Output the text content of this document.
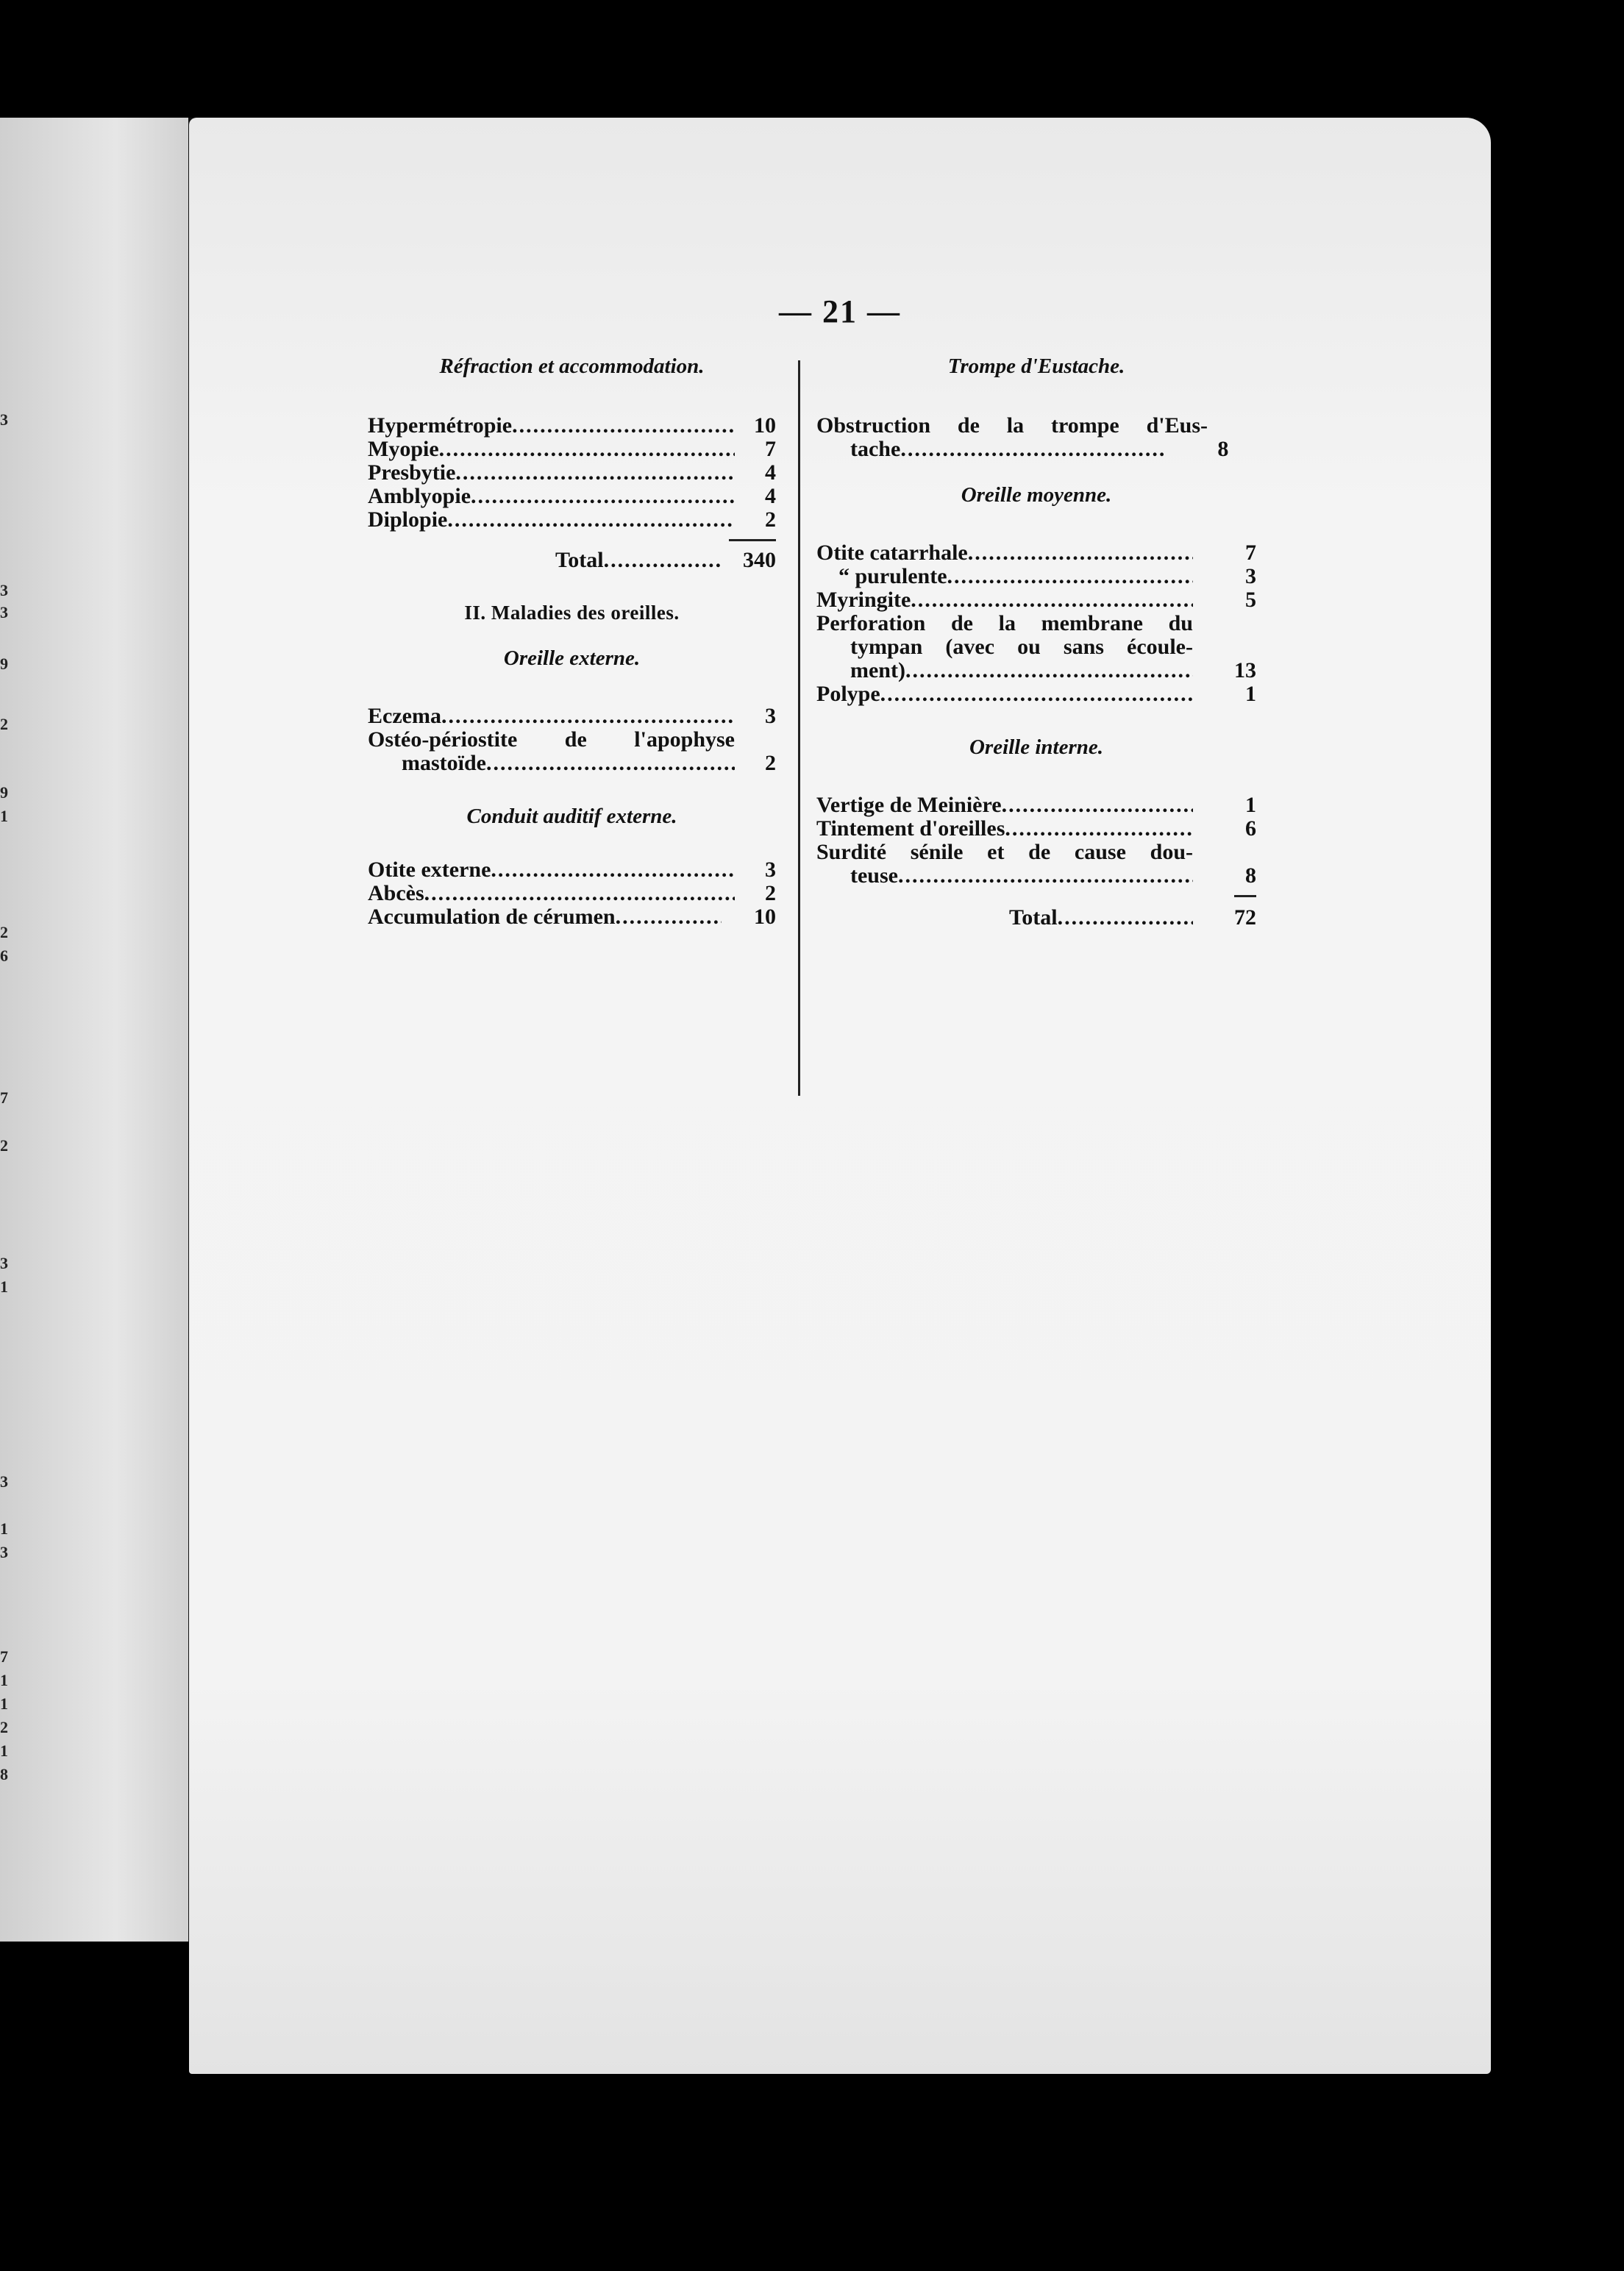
3
3
3
9
2
9
1
2
6
7
2
3
1
3
1
3
7
1
1
2
1
8
— 21 —

Réfraction et accommodation.

Hypermétropie .....	10
Myopie .....	7
Presbytie .....	4
Amblyopie .....	4
Diplopie .....	2
Total .....	340

II. Maladies des oreilles.

Oreille externe.

Eczema .....	3
Ostéo-périostite de l'apophyse
mastoïde .....	2

Conduit auditif externe.

Otite externe .....	3
Abcès .....	2
Accumulation de cérumen .....	10

Trompe d'Eustache.

Obstruction de la trompe d'Eus-
tache .....	8

Oreille moyenne.

Otite catarrhale .....	7
“ purulente .....	3
Myringite .....	5
Perforation de la membrane du
tympan (avec ou sans écoule-
ment) .....	13
Polype .....	1

Oreille interne.

Vertige de Meinière .....	1
Tintement d'oreilles .....	6
Surdité sénile et de cause dou-
teuse .....	8
Total .....	72
